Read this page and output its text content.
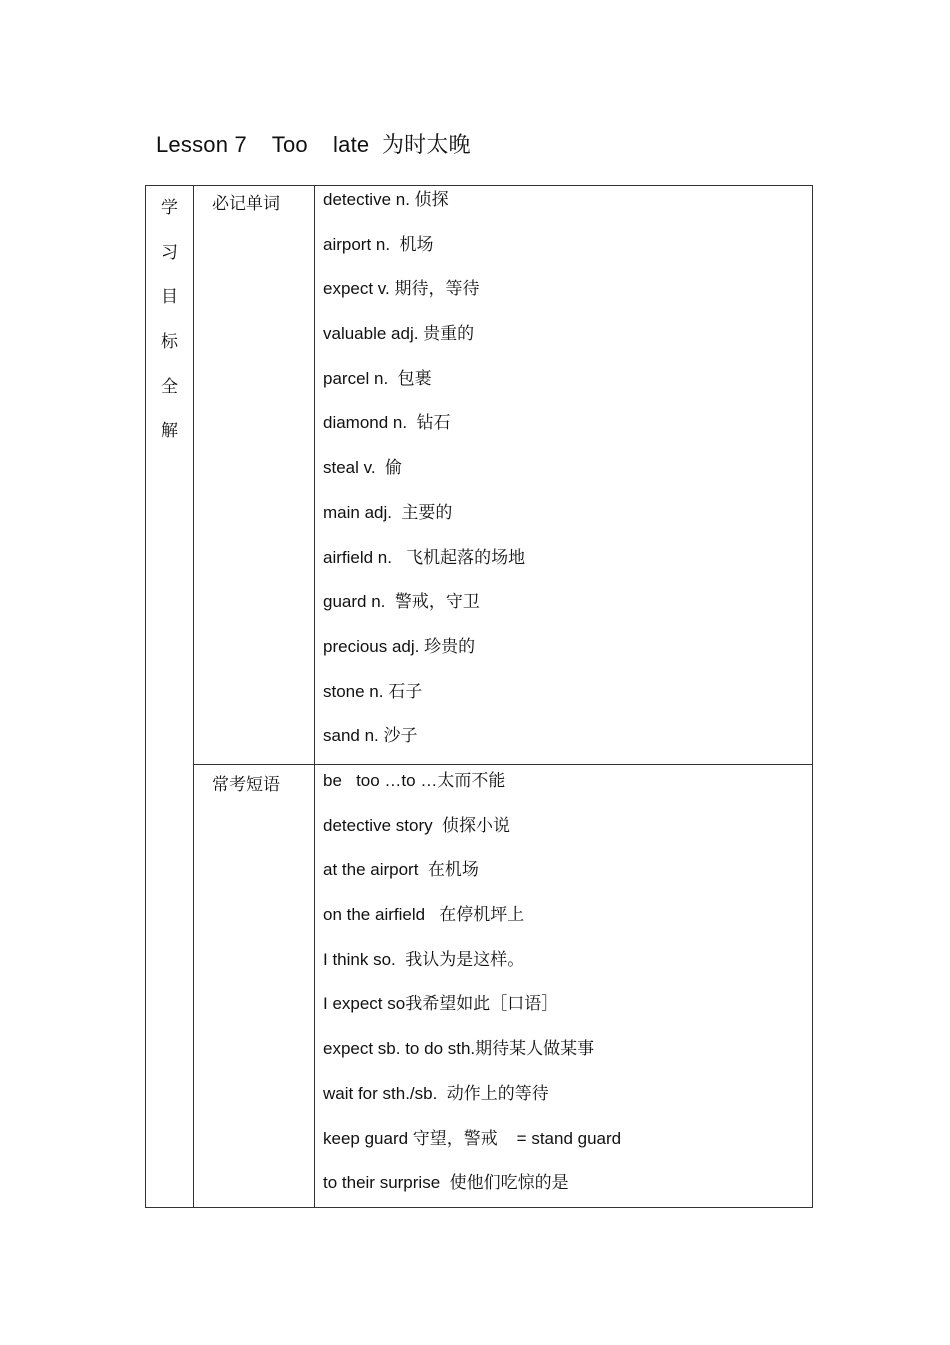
Lesson 7    Too    late  为时太晚
学
习
目
标
全
解
必记单词	detective n. 侦探
airport n.  机场
expect v. 期待，等待
valuable adj. 贵重的
parcel n.  包裹
diamond n.  钻石
steal v.  偷
main adj.  主要的
airfield n.   飞机起落的场地
guard n.  警戒，守卫
precious adj. 珍贵的
stone n. 石子
sand n. 沙子
常考短语	be   too …to …太而不能
detective story  侦探小说
at the airport  在机场
on the airfield   在停机坪上
I think so.  我认为是这样。
I expect so我希望如此［口语］
expect sb. to do sth.期待某人做某事
wait for sth./sb.  动作上的等待
keep guard 守望，警戒    = stand guard
to their surprise  使他们吃惊的是
